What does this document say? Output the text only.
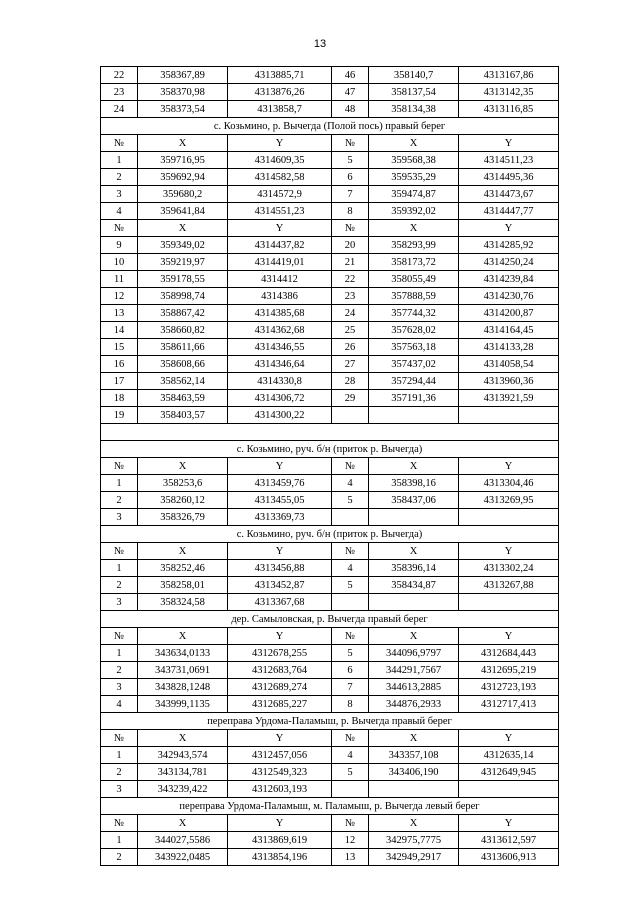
13
22	358367,89	4313885,71	46	358140,7	4313167,86
23	358370,98	4313876,26	47	358137,54	4313142,35
24	358373,54	4313858,7	48	358134,38	4313116,85
с. Козьмино, р. Вычегда (Полой пось) правый берег					
№	X	Y	№	X	Y
1	359716,95	4314609,35	5	359568,38	4314511,23
2	359692,94	4314582,58	6	359535,29	4314495,36
3	359680,2	4314572,9	7	359474,87	4314473,67
4	359641,84	4314551,23	8	359392,02	4314447,77
№	X	Y	№	X	Y
9	359349,02	4314437,82	20	358293,99	4314285,92
10	359219,97	4314419,01	21	358173,72	4314250,24
11	359178,55	4314412	22	358055,49	4314239,84
12	358998,74	4314386	23	357888,59	4314230,76
13	358867,42	4314385,68	24	357744,32	4314200,87
14	358660,82	4314362,68	25	357628,02	4314164,45
15	358611,66	4314346,55	26	357563,18	4314133,28
16	358608,66	4314346,64	27	357437,02	4314058,54
17	358562,14	4314330,8	28	357294,44	4313960,36
18	358463,59	4314306,72	29	357191,36	4313921,59
19	358403,57	4314300,22			

с. Козьмино, руч. б/н (приток р. Вычегда)					
№	X	Y	№	X	Y
1	358253,6	4313459,76	4	358398,16	4313304,46
2	358260,12	4313455,05	5	358437,06	4313269,95
3	358326,79	4313369,73			
с. Козьмино, руч. б/н (приток р. Вычегда)					
№	X	Y	№	X	Y
1	358252,46	4313456,88	4	358396,14	4313302,24
2	358258,01	4313452,87	5	358434,87	4313267,88
3	358324,58	4313367,68			
дер. Самыловская, р. Вычегда правый берег					
№	X	Y	№	X	Y
1	343634,0133	4312678,255	5	344096,9797	4312684,443
2	343731,0691	4312683,764	6	344291,7567	4312695,219
3	343828,1248	4312689,274	7	344613,2885	4312723,193
4	343999,1135	4312685,227	8	344876,2933	4312717,413
переправа Урдома-Паламыш, р. Вычегда правый берег					
№	X	Y	№	X	Y
1	342943,574	4312457,056	4	343357,108	4312635,14
2	343134,781	4312549,323	5	343406,190	4312649,945
3	343239,422	4312603,193			
переправа Урдома-Паламыш, м. Паламыш, р. Вычегда левый берег					
№	X	Y	№	X	Y
1	344027,5586	4313869,619	12	342975,7775	4313612,597
2	343922,0485	4313854,196	13	342949,2917	4313606,913
